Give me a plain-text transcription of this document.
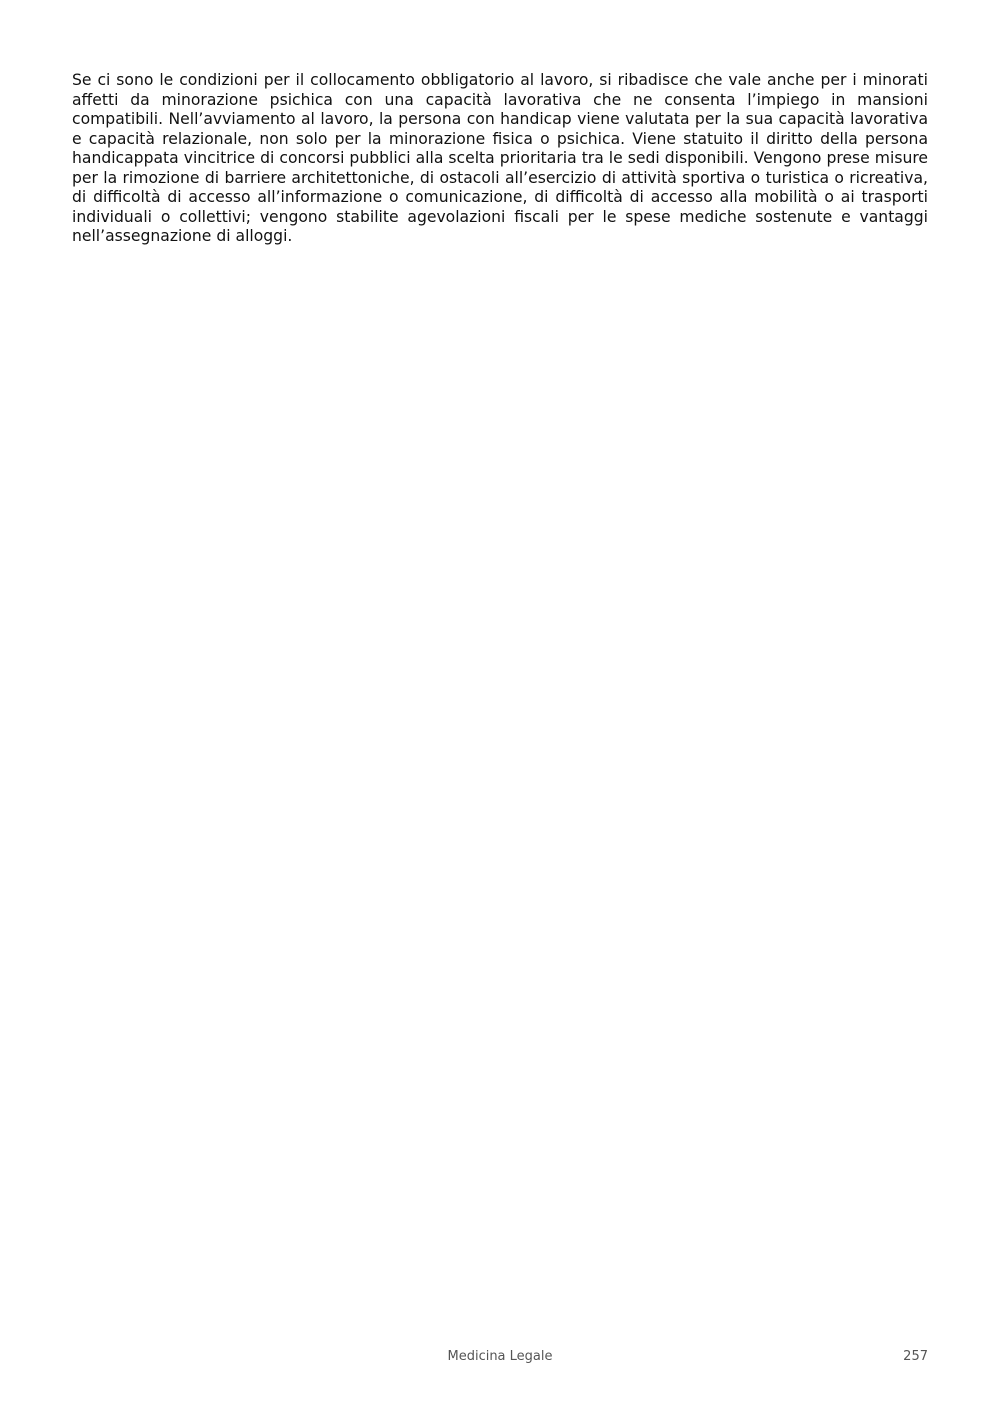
Se ci sono le condizioni per il collocamento obbligatorio al lavoro, si ribadisce che vale anche per i minorati affetti da minorazione psichica con una capacità lavorativa che ne consenta l’impiego in mansioni compatibili. Nell’avviamento al lavoro, la persona con handicap viene valutata per la sua capacità lavorativa e capacità relazionale, non solo per la minorazione fisica o psichica. Viene statuito il diritto della persona handicappata vincitrice di concorsi pubblici alla scelta prioritaria tra le sedi disponibili. Vengono prese misure per la rimozione di barriere architettoniche, di ostacoli all’esercizio di attività sportiva o turistica o ricreativa, di difficoltà di accesso all’informazione o comunicazione, di difficoltà di accesso alla mobilità o ai trasporti individuali o collettivi; vengono stabilite agevolazioni fiscali per le spese mediche sostenute e vantaggi nell’assegnazione di alloggi.

Medicina Legale	257
